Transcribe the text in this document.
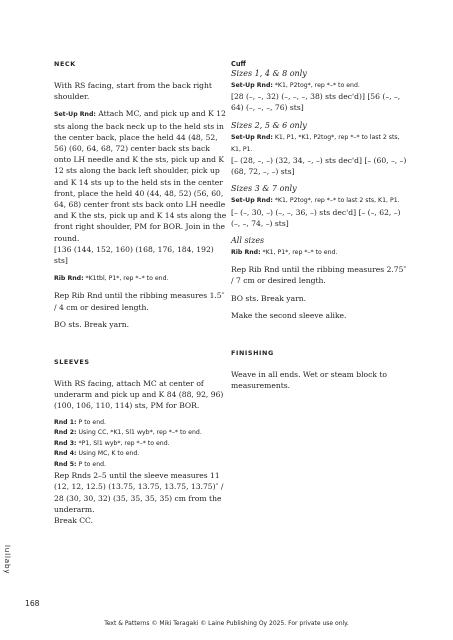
NECK

With RS facing, start from the back right shoulder.

Set-Up Rnd: Attach MC, and pick up and K 12 sts along the back neck up to the held sts in the center back, place the held 44 (48, 52, 56) (60, 64, 68, 72) center back sts back onto LH needle and K the sts, pick up and K 12 sts along the back left shoulder, pick up and K 14 sts up to the held sts in the center front, place the held 40 (44, 48, 52) (56, 60, 64, 68) center front sts back onto LH needle and K the sts, pick up and K 14 sts along the front right shoulder, PM for BOR. Join in the round.

[136 (144, 152, 160) (168, 176, 184, 192) sts]

Rib Rnd: *K1tbl, P1*, rep *–* to end.

Rep Rib Rnd until the ribbing measures 1.5″ / 4 cm or desired length.

BO sts. Break yarn.

SLEEVES

With RS facing, attach MC at center of underarm and pick up and K 84 (88, 92, 96) (100, 106, 110, 114) sts, PM for BOR.

Rnd 1: P to end.

Rnd 2: Using CC, *K1, Sl1 wyb*, rep *–* to end.

Rnd 3: *P1, Sl1 wyb*, rep *–* to end.

Rnd 4: Using MC, K to end.

Rnd 5: P to end.

Rep Rnds 2–5 until the sleeve measures 11 (12, 12, 12.5) (13.75, 13.75, 13.75, 13.75)″ / 28 (30, 30, 32) (35, 35, 35, 35) cm from the underarm.

Break CC.

Cuff

Sizes 1, 4 & 8 only

Set-Up Rnd: *K1, P2tog*, rep *–* to end.

[28 (–, –, 32) (–, –, –, 38) sts dec'd)] [56 (–, –, 64) (–, –, –, 76) sts]

Sizes 2, 5 & 6 only

Set-Up Rnd: K1, P1, *K1, P2tog*, rep *–* to last 2 sts, K1, P1.

[– (28, –, –) (32, 34, –, –) sts dec'd] [– (60, –, –) (68, 72, –, –) sts]

Sizes 3 & 7 only

Set-Up Rnd: *K1, P2tog*, rep *–* to last 2 sts, K1, P1.

[– (–, 30, –) (–, –, 36, –) sts dec'd] [– (–, 62, –) (–, –, 74, –) sts]

All sizes

Rib Rnd: *K1, P1*, rep *–* to end.

Rep Rib Rnd until the ribbing measures 2.75″ / 7 cm or desired length.

BO sts. Break yarn.

Make the second sleeve alike.

FINISHING

Weave in all ends. Wet or steam block to measurements.

lullaby
168
Text & Patterns © Miki Teragaki © Laine Publishing Oy 2025. For private use only.
